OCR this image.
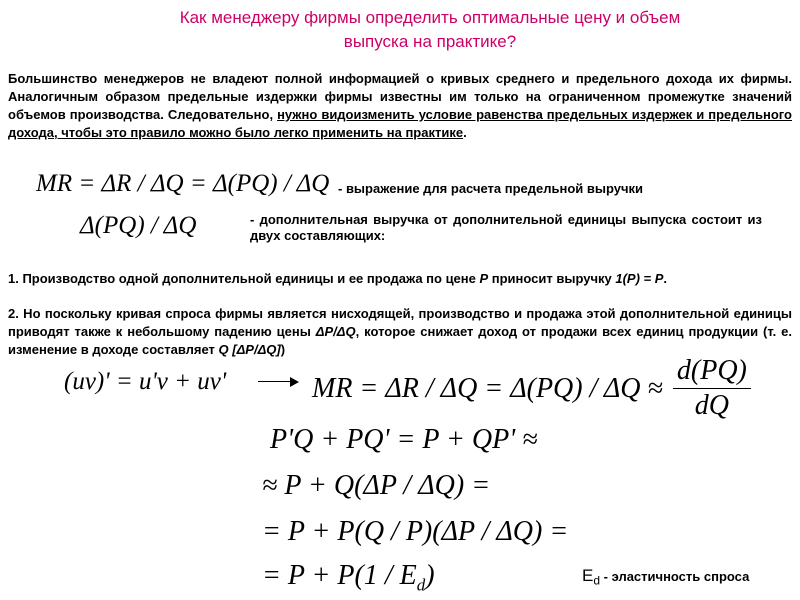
Как менеджеру фирмы определить оптимальные цену и объем
выпуска на практике?
Большинство менеджеров не владеют полной информацией о кривых среднего и предельного дохода их фирмы. Аналогичным образом предельные издержки фирмы известны им только на ограниченном промежутке значений объемов производства. Следовательно, нужно видоизменить условие равенства предельных издержек и предельного дохода, чтобы это правило можно было легко применить на практике.
MR = ΔR / ΔQ = Δ(PQ) / ΔQ - выражение для расчета предельной выручки
Δ(PQ) / ΔQ	- дополнительная выручка от дополнительной единицы выпуска состоит из двух составляющих:
1. Производство одной дополнительной единицы и ее продажа по цене P приносит выручку 1(P) = P.
2. Но поскольку кривая спроса фирмы является нисходящей, производство и продажа этой дополнительной единицы приводят также к небольшому падению цены ΔP/ΔQ, которое снижает доход от продажи всех единиц продукции (т. е. изменение в доходе составляет Q [ΔP/ΔQ])
(uv)' = u'v + uv'	MR = $\Delta R / \Delta Q = \Delta(PQ) / \Delta Q \approx \frac{d(PQ)}{dQ}$
P'Q + PQ' = P + QP' ≈
≈ P + Q(ΔP / ΔQ) =
= P + P(Q / P)(ΔP / ΔQ) =
= $P + P(1 / E_d)$	$E_d$ - эластичность спроса
